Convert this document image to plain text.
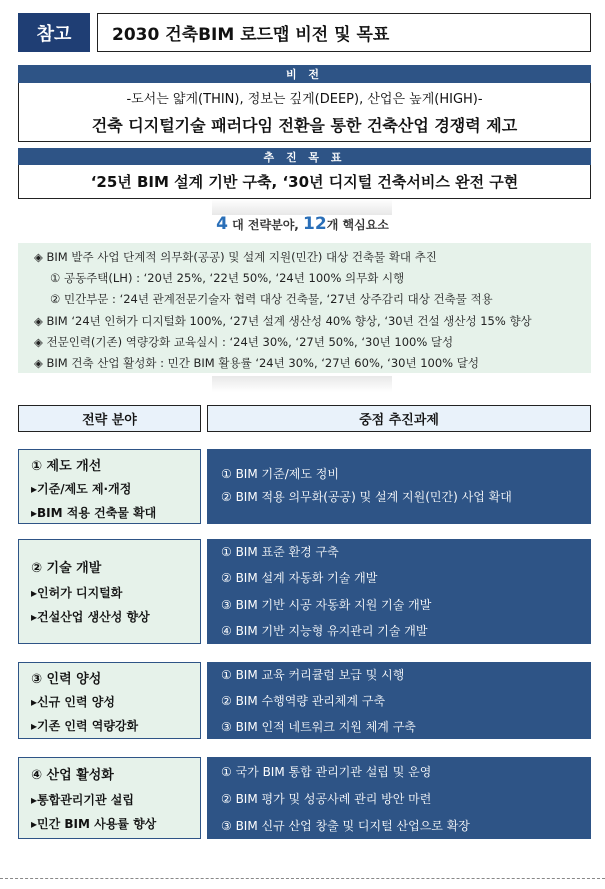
참고	2030 건축BIM 로드맵 비전 및 목표
비 전
-도서는 얇게(THIN), 정보는 깊게(DEEP), 산업은 높게(HIGH)-
건축 디지털기술 패러다임 전환을 통한 건축산업 경쟁력 제고
추 진 목 표
‘25년 BIM 설계 기반 구축, ‘30년 디지털 건축서비스 완전 구현
4 대 전략분야, 12개 핵심요소
◈ BIM 발주 사업 단계적 의무화(공공) 및 설계 지원(민간) 대상 건축물 확대 추진
① 공동주택(LH) : ‘20년 25%, ‘22년 50%, ‘24년 100% 의무화 시행
② 민간부문 : ‘24년 관계전문기술자 협력 대상 건축물, ‘27년 상주감리 대상 건축물 적용
◈ BIM ‘24년 인허가 디지털화 100%, ‘27년 설계 생산성 40% 향상, ‘30년 건설 생산성 15% 향상
◈ 전문인력(기존) 역량강화 교육실시 : ‘24년 30%, ‘27년 50%, ‘30년 100% 달성
◈ BIM 건축 산업 활성화 : 민간 BIM 활용률 ‘24년 30%, ‘27년 60%, ‘30년 100% 달성
전략 분야	중점 추진과제
① 제도 개선
▸기준/제도 제·개정
▸BIM 적용 건축물 확대
① BIM 기준/제도 정비
② BIM 적용 의무화(공공) 및 설계 지원(민간) 사업 확대
② 기술 개발
▸인허가 디지털화
▸건설산업 생산성 향상
① BIM 표준 환경 구축
② BIM 설계 자동화 기술 개발
③ BIM 기반 시공 자동화 지원 기술 개발
④ BIM 기반 지능형 유지관리 기술 개발
③ 인력 양성
▸신규 인력 양성
▸기존 인력 역량강화
① BIM 교육 커리큘럼 보급 및 시행
② BIM 수행역량 관리체계 구축
③ BIM 인적 네트워크 지원 체계 구축
④ 산업 활성화
▸통합관리기관 설립
▸민간 BIM 사용률 향상
① 국가 BIM 통합 관리기관 설립 및 운영
② BIM 평가 및 성공사례 관리 방안 마련
③ BIM 신규 산업 창출 및 디지털 산업으로 확장
